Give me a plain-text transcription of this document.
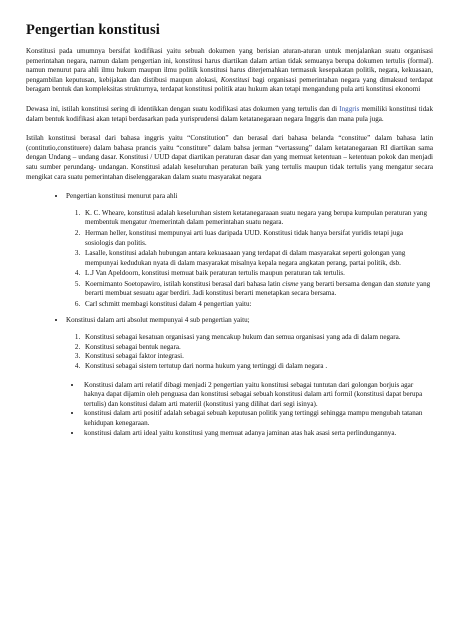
Pengertian konstitusi

Konstitusi pada umumnya bersifat kodifikasi yaitu sebuah dokumen yang berisian aturan-aturan untuk menjalankan suatu organisasi pemerintahan negara, namun dalam pengertian ini, konstitusi harus diartikan dalam artian tidak semuanya berupa dokumen tertulis (formal). namun menurut para ahli ilmu hukum maupun ilmu politik konstitusi harus diterjemahkan termasuk kesepakatan politik, negara, kekuasaan, pengambilan keputusan, kebijakan dan distibusi maupun alokasi, Konstitusi bagi organisasi pemerintahan negara yang dimaksud terdapat beragam bentuk dan kompleksitas strukturnya, terdapat konstitusi politik atau hukum akan tetapi mengandung pula arti konstitusi ekonomi

Dewasa ini, istilah konstitusi sering di identikkan dengan suatu kodifikasi atas dokumen yang tertulis dan di Inggris memiliki konstitusi tidak dalam bentuk kodifikasi akan tetapi berdasarkan pada yurisprudensi dalam ketatanegaraan negara Inggris dan mana pula juga.

Istilah konstitusi berasal dari bahasa inggris yaitu “Constitution” dan berasal dari bahasa belanda “constitue” dalam bahasa latin (contitutio,constituere) dalam bahasa prancis yaitu “constiture” dalam bahsa jerman “vertassung” dalam ketatanegaraan RI diartikan sama dengan Undang – undang dasar. Konstitusi / UUD dapat diartikan peraturan dasar dan yang memuat ketentuan – ketentuan pokok dan menjadi satu sumber perundang- undangan. Konstitusi adalah keseluruhan peraturan baik yang tertulis maupun tidak tertulis yang mengatur secara mengikat cara suatu pemerintahan diselenggarakan dalam suatu masyarakat negara

• Pengertian konstitusi menurut para ahli
1. K. C. Wheare, konstitusi adalah keseluruhan sistem ketatanegaraaan suatu negara yang berupa kumpulan peraturan yang membentuk mengatur /memerintah dalam pemerintahan suatu negara.
2. Herman heller, konstitusi mempunyai arti luas daripada UUD. Konstitusi tidak hanya bersifat yuridis tetapi juga sosiologis dan politis.
3. Lasalle, konstitusi adalah hubungan antara kekuasaaan yang terdapat di dalam masyarakat seperti golongan yang mempunyai kedudukan nyata di dalam masyarakat misalnya kepala negara angkatan perang, partai politik, dsb.
4. L.J Van Apeldoorn, konstitusi memuat baik peraturan tertulis maupun peraturan tak tertulis.
5. Koernimanto Soetopawiro, istilah konstitusi berasal dari bahasa latin cisme yang berarti bersama dengan dan statute yang berarti membuat sesuatu agar berdiri. Jadi konstitusi berarti menetapkan secara bersama.
6. Carl schmitt membagi konstitusi dalam 4 pengertian yaitu:
• Konstitusi dalam arti absolut mempunyai 4 sub pengertian yaitu;
1. Konstitusi sebagai kesatuan organisasi yang mencakup hukum dan semua organisasi yang ada di dalam negara.
2. Konstitusi sebagai bentuk negara.
3. Konstitusi sebagai faktor integrasi.
4. Konstitusi sebagai sistem tertutup dari norma hukum yang tertinggi di dalam negara .
• Konstitusi dalam arti relatif dibagi menjadi 2 pengertian yaitu konstitusi sebagai tuntutan dari golongan borjuis agar haknya dapat dijamin oleh penguasa dan konstitusi sebagai sebuah konstitusi dalam arti formil (konstitusi dapat berupa tertulis) dan konstitusi dalam arti materiil (konstitusi yang dilihat dari segi isinya).
• konstitusi dalam arti positif adalah sebagai sebuah keputusan politik yang tertinggi sehingga mampu mengubah tatanan kehidupan kenegaraan.
• konstitusi dalam arti ideal yaitu konstitusi yang memuat adanya jaminan atas hak asasi serta perlindungannya.
